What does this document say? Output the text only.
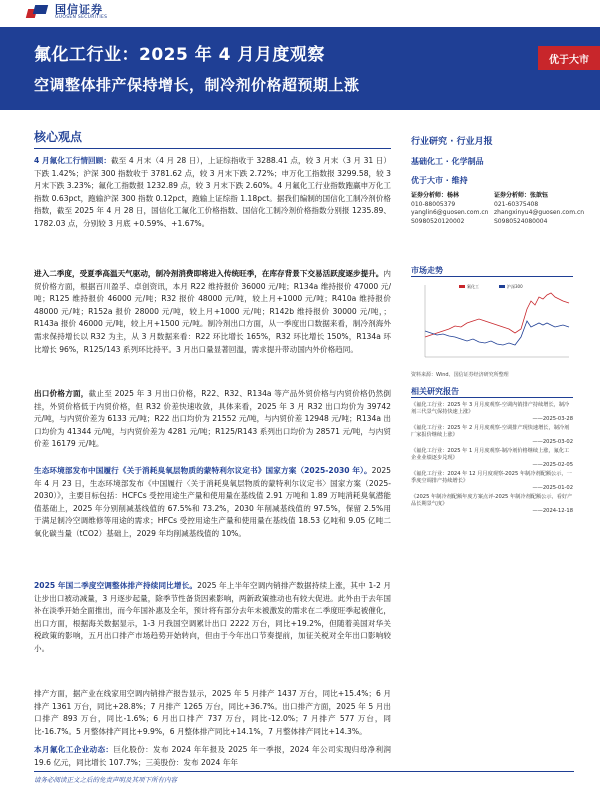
国信证券
GUOSEN SECURITIES
氟化工行业：2025 年 4 月月度观察
空调整体排产保持增长，制冷剂价格超预期上涨
优于大市
核心观点
4 月氟化工行情回顾：截至 4 月末（4 月 28 日），上证综指收于 3288.41 点，较 3 月末（3 月 31 日）下跌 1.42%；沪深 300 指数收于 3781.62 点，较 3 月末下跌 2.72%；申万化工指数报 3299.58，较 3 月末下跌 3.23%；氟化工指数报 1232.89 点，较 3 月末下跌 2.60%。4 月氟化工行业指数跑赢申万化工指数 0.63pct，跑输沪深 300 指数 0.12pct，跑输上证综指 1.18pct。据我们编制的国信化工制冷剂价格指数，截至 2025 年 4 月 28 日，国信化工氟化工价格指数、国信化工制冷剂价格指数分别报 1235.89、1782.03 点，分别较 3 月底 +0.59%、+1.67%。
进入二季度，受夏季高温天气驱动，制冷剂消费即将进入传统旺季，在库存背景下交易活跃度逐步提升。内贸价格方面，根据百川盈孚、卓创资讯，本月 R22 维持报价 36000 元/吨；R134a 维持报价 47000 元/吨；R125 维持报价 46000 元/吨；R32 报价 48000 元/吨，较上月+1000 元/吨；R410a 维持报价 48000 元/吨；R152a 报价 28000 元/吨，较上月+1000 元/吨；R142b 维持报价 30000 元/吨，；R143a 报价 46000 元/吨，较上月+1500 元/吨。制冷剂出口方面，从一季度出口数据来看，制冷剂海外需求保持增长以 R32 为主，从 3 月数据来看：R22 环比增长 165%，R32 环比增长 150%，R134a 环比增长 96%，R125/143 系列环比持平。3 月出口量显著回温，需求提升带动国内外价格趋同。
出口价格方面，截止至 2025 年 3 月出口价格，R22、R32、R134a 等产品外贸价格与内贸价格仍然倒挂，外贸价格低于内贸价格，但 R32 价差快速收敛，具体来看，2025 年 3 月 R32 出口均价为 39742 元/吨，与内贸价差为 6133 元/吨；R22 出口均价为 21552 元/吨，与内贸价差 12948 元/吨；R134a 出口均价为 41344 元/吨，与内贸价差为 4281 元/吨；R125/R143 系列出口均价为 28571 元/吨，与内贸价差 16179 元/吨。
生态环境部发布中国履行《关于消耗臭氧层物质的蒙特利尔议定书》国家方案（2025-2030 年）。2025 年 4 月 23 日，生态环境部发布《中国履行〈关于消耗臭氧层物质的蒙特利尔议定书〉国家方案（2025-2030）》，主要目标包括：HCFCs 受控用途生产量和使用量在基线值 2.91 万吨和 1.89 万吨消耗臭氧潜能值基础上，2025 年分别削减基线值的 67.5%和 73.2%，2030 年削减基线值的 97.5%，保留 2.5%用于满足制冷空调维修等用途的需求；HFCs 受控用途生产量和使用量在基线值 18.53 亿吨和 9.05 亿吨二氧化碳当量（tCO2）基础上，2029 年均削减基线值的 10%。
2025 年国二季度空调整体排产持续同比增长。2025 年上半年空调内销排产数据持续上涨，其中 1-2 月让步出口被动减量，3 月逐步起量，除季节性备货因素影响，两新政策推动也有较大促进。此外由于去年国补在淡季开始全面推出，而今年国补惠及全年，预计将有部分去年未被激发的需求在二季度旺季起被催化，出口方面，根据海关数据显示，1-3 月我国空调累计出口 2222 万台，同比+19.2%，但随着美国对华关税政策的影响，五月出口排产市场趋势开始转向，但由于今年出口节奏提前，加征关税对全年出口影响较小。
排产方面，据产业在线家用空调内销排产报告显示，2025 年 5 月排产 1437 万台，同比+15.4%；6 月排产 1361 万台，同比+28.8%；7 月排产 1265 万台，同比+36.7%。出口排产方面，2025 年 5 月出口排产 893 万台，同比-1.6%；6 月出口排产 737 万台，同比-12.0%；7 月排产 577 万台，同比-16.7%。5 月整体排产同比+9.9%，6 月整体排产同比+14.1%，7 月整体排产同比+14.3%。
本月氟化工企业动态：巨化股份：发布 2024 年年报及 2025 年一季报，2024 年公司实现归母净利润 19.6 亿元，同比增长 107.7%；三美股份：发布 2024 年年
行业研究 · 行业月报
基础化工 · 化学制品
优于大市 · 维持
证券分析师：杨林
010-88005379
yanglin6@guosen.com.cn
S0980520120002
证券分析师：张歆钰
021-60375408
zhangxinyu4@guosen.com.cn
S0980524080004
市场走势
氟化工	沪深300
资料来源：Wind、国信证券经济研究所整理
相关研究报告
《氟化工行业：2025 年 3 月月度观察-空调内销排产持续增长，制冷剂三代景气保持快速上涨》
——2025-03-28
《氟化工行业：2025 年 2 月月度观察-空调排产现快速增长，制冷剂厂家报价继续上涨》
——2025-03-02
《氟化工行业：2025 年 1 月月度观察-制冷剂价格继续上涨，氟化工企业业绩逐步兑现》
——2025-02-05
《氟化工行业：2024 年 12 月月度观察-2025 年制冷剂配额公示，一季度空调排产持续增长》
——2025-01-02
《2025 年制冷剂配额年度方案点评-2025 年制冷剂配额公示，看好产品长期景气度》
——2024-12-18
请务必阅读正文之后的免责声明及其项下所有内容
